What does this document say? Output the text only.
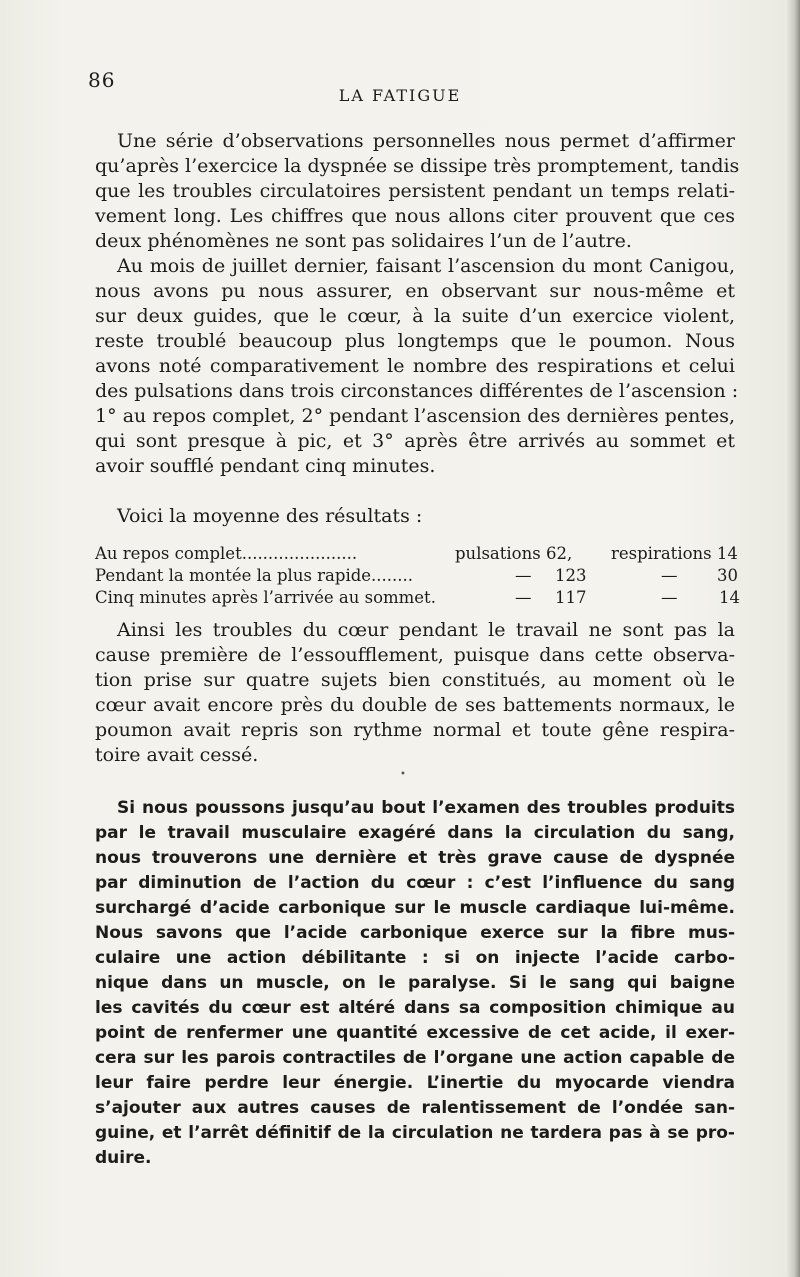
86
LA FATIGUE
Une série d’observations personnelles nous permet d’affirmer
qu’après l’exercice la dyspnée se dissipe très promptement, tandis
que les troubles circulatoires persistent pendant un temps relati-
vement long. Les chiffres que nous allons citer prouvent que ces
deux phénomènes ne sont pas solidaires l’un de l’autre.
Au mois de juillet dernier, faisant l’ascension du mont Canigou,
nous avons pu nous assurer, en observant sur nous-même et
sur deux guides, que le cœur, à la suite d’un exercice violent,
reste troublé beaucoup plus longtemps que le poumon. Nous
avons noté comparativement le nombre des respirations et celui
des pulsations dans trois circonstances différentes de l’ascension :
1° au repos complet, 2° pendant l’ascension des dernières pentes,
qui sont presque à pic, et 3° après être arrivés au sommet et
avoir soufflé pendant cinq minutes.
Voici la moyenne des résultats :
Au repos complet......................	pulsations 62, respirations 14
Pendant la montée la plus rapide........	— 123	— 30
Cinq minutes après l’arrivée au sommet.	— 117	—	14
Ainsi les troubles du cœur pendant le travail ne sont pas la
cause première de l’essoufflement, puisque dans cette observa-
tion prise sur quatre sujets bien constitués, au moment où le
cœur avait encore près du double de ses battements normaux, le
poumon avait repris son rythme normal et toute gêne respira-
toire avait cessé.
•
Si nous poussons jusqu’au bout l’examen des troubles produits
par le travail musculaire exagéré dans la circulation du sang,
nous trouverons une dernière et très grave cause de dyspnée
par diminution de l’action du cœur : c’est l’influence du sang
surchargé d’acide carbonique sur le muscle cardiaque lui-même.
Nous savons que l’acide carbonique exerce sur la fibre mus-
culaire une action débilitante : si on injecte l’acide carbo-
nique dans un muscle, on le paralyse. Si le sang qui baigne
les cavités du cœur est altéré dans sa composition chimique au
point de renfermer une quantité excessive de cet acide, il exer-
cera sur les parois contractiles de l’organe une action capable de
leur faire perdre leur énergie. L’inertie du myocarde viendra
s’ajouter aux autres causes de ralentissement de l’ondée san-
guine, et l’arrêt définitif de la circulation ne tardera pas à se pro-
duire.
